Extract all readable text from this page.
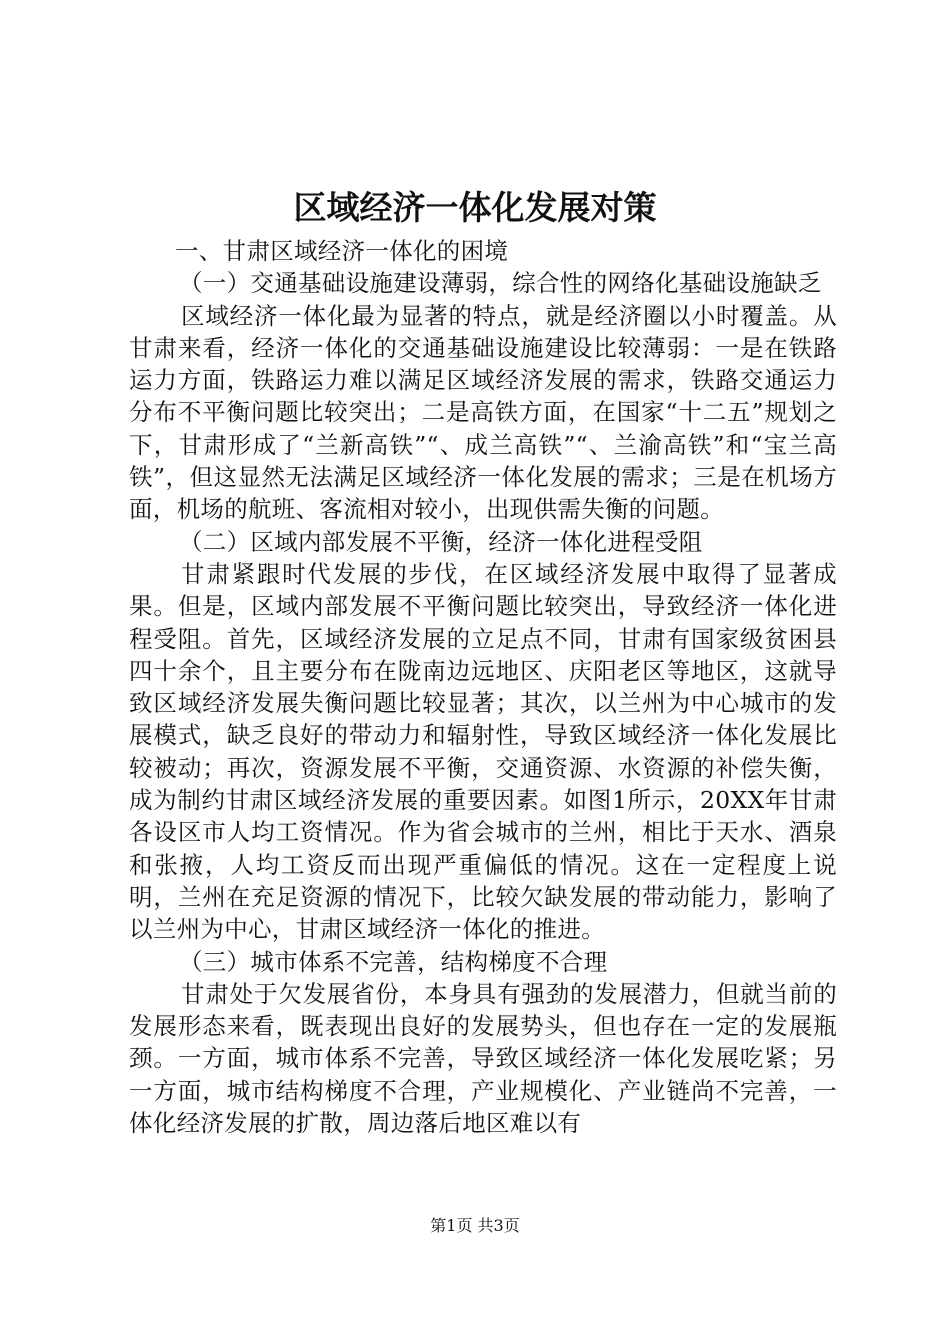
区域经济一体化发展对策

一、甘肃区域经济一体化的困境

（一）交通基础设施建设薄弱，综合性的网络化基础设施缺乏

区域经济一体化最为显著的特点，就是经济圈以小时覆盖。从甘肃来看，经济一体化的交通基础设施建设比较薄弱：一是在铁路运力方面，铁路运力难以满足区域经济发展的需求，铁路交通运力分布不平衡问题比较突出；二是高铁方面，在国家“十二五”规划之下，甘肃形成了“兰新高铁”“、成兰高铁”“、兰渝高铁”和“宝兰高铁”，但这显然无法满足区域经济一体化发展的需求；三是在机场方面，机场的航班、客流相对较小，出现供需失衡的问题。

（二）区域内部发展不平衡，经济一体化进程受阻

甘肃紧跟时代发展的步伐，在区域经济发展中取得了显著成果。但是，区域内部发展不平衡问题比较突出，导致经济一体化进程受阻。首先，区域经济发展的立足点不同，甘肃有国家级贫困县四十余个，且主要分布在陇南边远地区、庆阳老区等地区，这就导致区域经济发展失衡问题比较显著；其次，以兰州为中心城市的发展模式，缺乏良好的带动力和辐射性，导致区域经济一体化发展比较被动；再次，资源发展不平衡，交通资源、水资源的补偿失衡，成为制约甘肃区域经济发展的重要因素。如图1所示，20XX年甘肃各设区市人均工资情况。作为省会城市的兰州，相比于天水、酒泉和张掖，人均工资反而出现严重偏低的情况。这在一定程度上说明，兰州在充足资源的情况下，比较欠缺发展的带动能力，影响了以兰州为中心，甘肃区域经济一体化的推进。

（三）城市体系不完善，结构梯度不合理

甘肃处于欠发展省份，本身具有强劲的发展潜力，但就当前的发展形态来看，既表现出良好的发展势头，但也存在一定的发展瓶颈。一方面，城市体系不完善，导致区域经济一体化发展吃紧；另一方面，城市结构梯度不合理，产业规模化、产业链尚不完善，一体化经济发展的扩散，周边落后地区难以有

第1页 共3页
